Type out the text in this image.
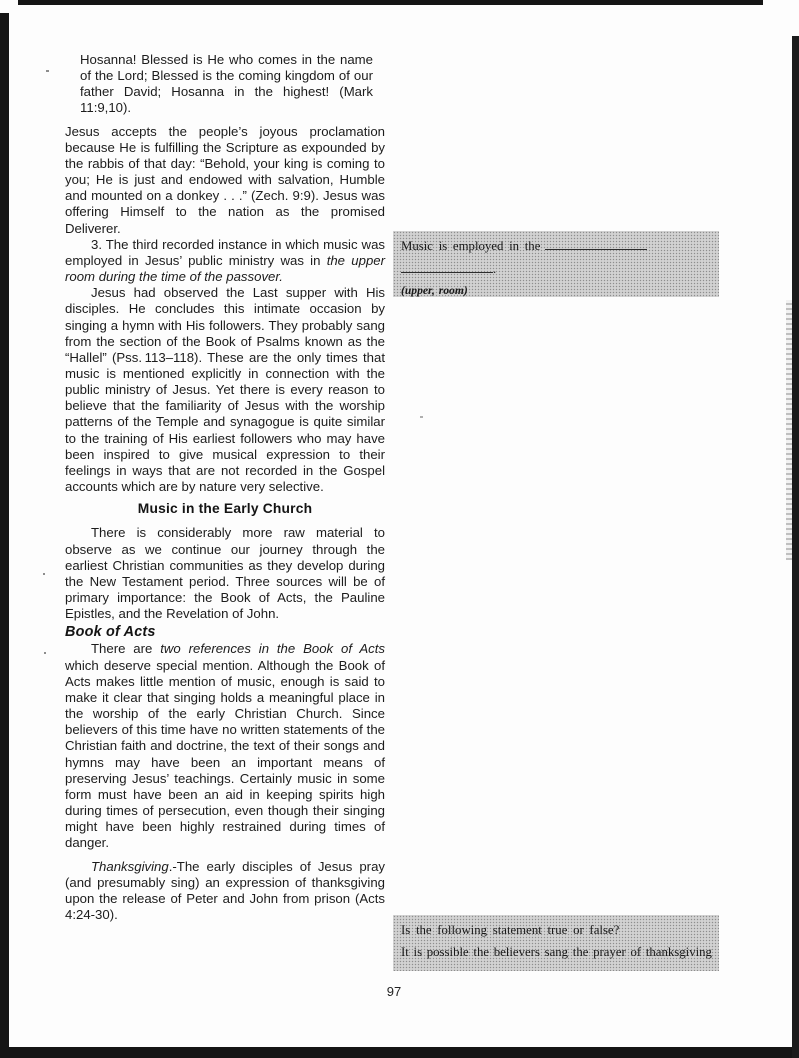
Hosanna! Blessed is He who comes in the name of the Lord; Blessed is the coming kingdom of our father David; Hosanna in the highest! (Mark 11:9,10).

Jesus accepts the people’s joyous proclamation because He is fulfilling the Scripture as expounded by the rabbis of that day: “Behold, your king is coming to you; He is just and endowed with salvation, Humble and mounted on a donkey . . .” (Zech. 9:9). Jesus was offering Himself to the nation as the promised Deliverer.

3. The third recorded instance in which music was employed in Jesus’ public ministry was in the upper room during the time of the passover.

Jesus had observed the Last supper with His disciples. He concludes this intimate occasion by singing a hymn with His followers. They probably sang from the section of the Book of Psalms known as the “Hallel” (Pss. 113–118). These are the only times that music is mentioned explicitly in connection with the public ministry of Jesus. Yet there is every reason to believe that the familiarity of Jesus with the worship patterns of the Temple and synagogue is quite similar to the training of His earliest followers who may have been inspired to give musical expression to their feelings in ways that are not recorded in the Gospel accounts which are by nature very selective.

Music in the Early Church

There is considerably more raw material to observe as we continue our journey through the earliest Christian communities as they develop during the New Testament period. Three sources will be of primary importance: the Book of Acts, the Pauline Epistles, and the Revelation of John.

Book of Acts

There are two references in the Book of Acts which deserve special mention. Although the Book of Acts makes little mention of music, enough is said to make it clear that singing holds a meaningful place in the worship of the early Christian Church. Since believers of this time have no written statements of the Christian faith and doctrine, the text of their songs and hymns may have been an important means of preserving Jesus’ teachings. Certainly music in some form must have been an aid in keeping spirits high during times of persecution, even though their singing might have been highly restrained during times of danger.

Thanksgiving.-The early disciples of Jesus pray (and presumably sing) an expression of thanksgiving upon the release of Peter and John from prison (Acts 4:24-30).

Music is employed in the
.
(upper, room)
Is the following statement true or false?
It is possible the believers sang the prayer of thanksgiving
97
